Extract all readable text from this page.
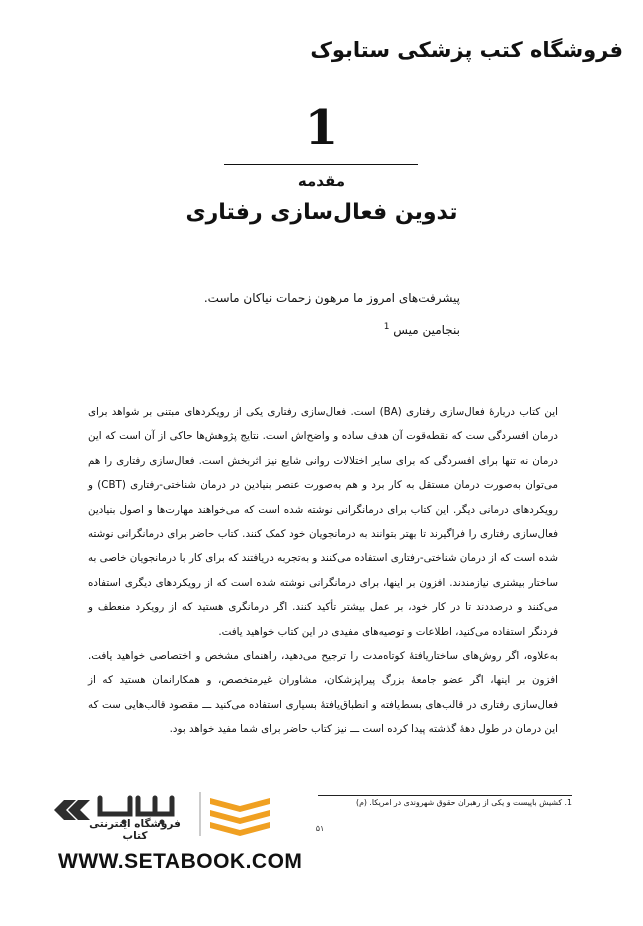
فروشگاه کتب پزشکی ستابوک
1
مقدمه
تدوین فعال‌سازی رفتاری
پیشرفت‌های امروز ما مرهون زحمات نیاکان ماست.
بنجامین میس $^1$
این کتاب دربارهٔ فعال‌سازی رفتاری (BA) است. فعال‌سازی رفتاری یکی از رویکردهای مبتنی بر شواهد برای درمان افسردگی ست که نقطه‌قوت آن هدف ساده و واضح‌اش است. نتایج پژوهش‌ها حاکی از آن است که این درمان نه تنها برای افسردگی که برای سایر اختلالات روانی شایع نیز اثربخش است. فعال‌سازی رفتاری را هم می‌توان به‌صورت درمان مستقل به کار برد و هم به‌صورت عنصر بنیادین در درمان شناختی-رفتاری (CBT) و رویکردهای درمانی دیگر. این کتاب برای درمانگرانی نوشته شده است که می‌خواهند مهارت‌ها و اصول بنیادین فعال‌سازی رفتاری را فراگیرند تا بهتر بتوانند به درمانجویان خود کمک کنند. کتاب حاضر برای درمانگرانی نوشته شده است که از درمان شناختی-رفتاری استفاده می‌کنند و به‌تجربه دریافتند که برای کار با درمانجویان خاصی به ساختار بیشتری نیازمندند. افزون بر اینها، برای درمانگرانی نوشته شده است که از رویکردهای دیگری استفاده می‌کنند و درصددند تا در کار خود، بر عمل بیشتر تأکید کنند. اگر درمانگری هستید که از رویکرد منعطف و فردنگر استفاده می‌کنید، اطلاعات و توصیه‌های مفیدی در این کتاب خواهید یافت.
به‌علاوه، اگر روش‌های ساختاریافتهٔ کوتاه‌مدت را ترجیح می‌دهید، راهنمای مشخص و اختصاصی خواهید یافت. افزون بر اینها، اگر عضو جامعهٔ بزرگ پیراپزشکان، مشاوران غیرمتخصص، و همکارانمان هستید که از فعال‌سازی رفتاری در قالب‌های بسط‌یافته و انطباق‌یافتهٔ بسیاری استفاده می‌کنید ـــ مقصود قالب‌هایی ست که این درمان در طول دههٔ گذشته پیدا کرده است ـــ نیز کتاب حاضر برای شما مفید خواهد بود.
1. کشیش باپیست و یکی از رهبران حقوق شهروندی در امریکا. (م)
۵۱
فروشگاه اینترنتی کتاب
WWW.SETABOOK.COM
